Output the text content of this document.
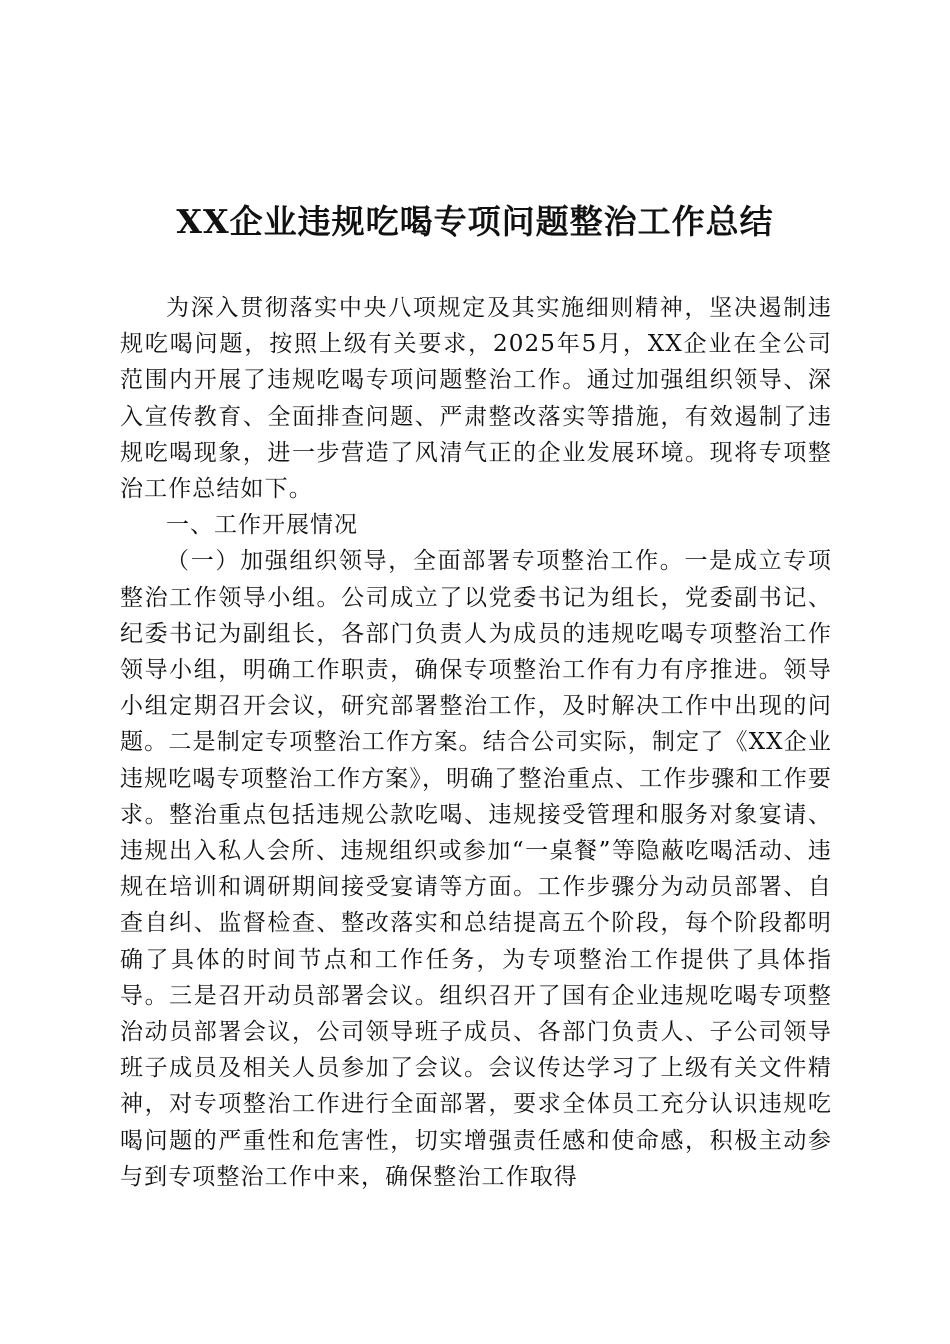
XX企业违规吃喝专项问题整治工作总结

为深入贯彻落实中央八项规定及其实施细则精神，坚决遏制违规吃喝问题，按照上级有关要求，2025年5月，XX企业在全公司范围内开展了违规吃喝专项问题整治工作。通过加强组织领导、深入宣传教育、全面排查问题、严肃整改落实等措施，有效遏制了违规吃喝现象，进一步营造了风清气正的企业发展环境。现将专项整治工作总结如下。

一、工作开展情况

（一）加强组织领导，全面部署专项整治工作。一是成立专项整治工作领导小组。公司成立了以党委书记为组长，党委副书记、纪委书记为副组长，各部门负责人为成员的违规吃喝专项整治工作领导小组，明确工作职责，确保专项整治工作有力有序推进。领导小组定期召开会议，研究部署整治工作，及时解决工作中出现的问题。二是制定专项整治工作方案。结合公司实际，制定了《XX企业违规吃喝专项整治工作方案》，明确了整治重点、工作步骤和工作要求。整治重点包括违规公款吃喝、违规接受管理和服务对象宴请、违规出入私人会所、违规组织或参加“一桌餐”等隐蔽吃喝活动、违规在培训和调研期间接受宴请等方面。工作步骤分为动员部署、自查自纠、监督检查、整改落实和总结提高五个阶段，每个阶段都明确了具体的时间节点和工作任务，为专项整治工作提供了具体指导。三是召开动员部署会议。组织召开了国有企业违规吃喝专项整治动员部署会议，公司领导班子成员、各部门负责人、子公司领导班子成员及相关人员参加了会议。会议传达学习了上级有关文件精神，对专项整治工作进行全面部署，要求全体员工充分认识违规吃喝问题的严重性和危害性，切实增强责任感和使命感，积极主动参与到专项整治工作中来，确保整治工作取得
